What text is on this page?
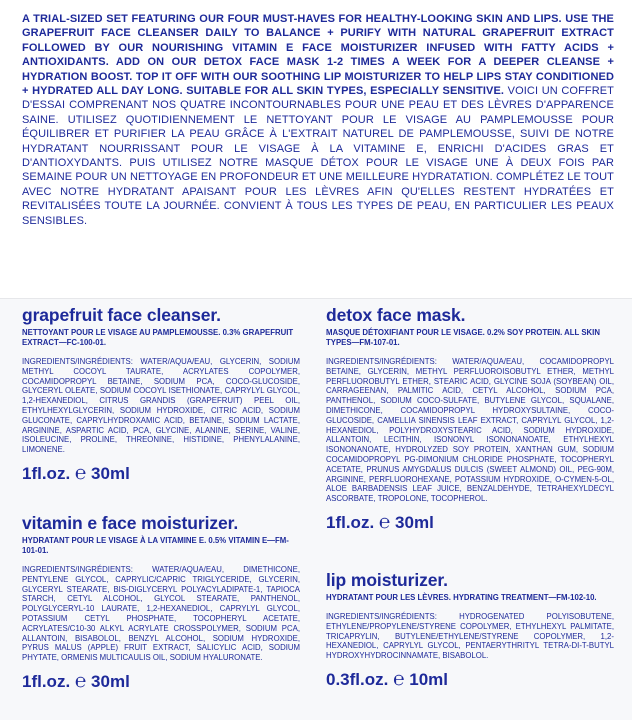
A TRIAL-SIZED SET FEATURING OUR FOUR MUST-HAVES FOR HEALTHY-LOOKING SKIN AND LIPS. USE THE GRAPEFRUIT FACE CLEANSER DAILY TO BALANCE + PURIFY WITH NATURAL GRAPEFRUIT EXTRACT FOLLOWED BY OUR NOURISHING VITAMIN E FACE MOISTURIZER INFUSED WITH FATTY ACIDS + ANTIOXIDANTS. ADD ON OUR DETOX FACE MASK 1-2 TIMES A WEEK FOR A DEEPER CLEANSE + HYDRATION BOOST. TOP IT OFF WITH OUR SOOTHING LIP MOISTURIZER TO HELP LIPS STAY CONDITIONED + HYDRATED ALL DAY LONG. SUITABLE FOR ALL SKIN TYPES, ESPECIALLY SENSITIVE. VOICI UN COFFRET D'ESSAI COMPRENANT NOS QUATRE INCONTOURNABLES POUR UNE PEAU ET DES LÈVRES D'APPARENCE SAINE. UTILISEZ QUOTIDIENNEMENT LE NETTOYANT POUR LE VISAGE AU PAMPLEMOUSSE POUR ÉQUILIBRER ET PURIFIER LA PEAU GRÂCE À L'EXTRAIT NATUREL DE PAMPLEMOUSSE, SUIVI DE NOTRE HYDRATANT NOURRISSANT POUR LE VISAGE À LA VITAMINE E, ENRICHI D'ACIDES GRAS ET D'ANTIOXYDANTS. PUIS UTILISEZ NOTRE MASQUE DÉTOX POUR LE VISAGE UNE À DEUX FOIS PAR SEMAINE POUR UN NETTOYAGE EN PROFONDEUR ET UNE MEILLEURE HYDRATATION. COMPLÉTEZ LE TOUT AVEC NOTRE HYDRATANT APAISANT POUR LES LÈVRES AFIN QU'ELLES RESTENT HYDRATÉES ET REVITALISÉES TOUTE LA JOURNÉE. CONVIENT À TOUS LES TYPES DE PEAU, EN PARTICULIER LES PEAUX SENSIBLES.
grapefruit face cleanser.
NETTOYANT POUR LE VISAGE AU PAMPLEMOUSSE. 0.3% GRAPEFRUIT EXTRACT—FC-100-01.
INGREDIENTS/INGRÉDIENTS: WATER/AQUA/EAU, GLYCERIN, SODIUM METHYL COCOYL TAURATE, ACRYLATES COPOLYMER, COCAMIDOPROPYL BETAINE, SODIUM PCA, COCO-GLUCOSIDE, GLYCERYL OLEATE, SODIUM COCOYL ISETHIONATE, CAPRYLYL GLYCOL, 1,2-HEXANEDIOL, CITRUS GRANDIS (GRAPEFRUIT) PEEL OIL, ETHYLHEXYLGLYCERIN, SODIUM HYDROXIDE, CITRIC ACID, SODIUM GLUCONATE, CAPRYLHYDROXAMIC ACID, BETAINE, SODIUM LACTATE, ARGININE, ASPARTIC ACID, PCA, GLYCINE, ALANINE, SERINE, VALINE, ISOLEUCINE, PROLINE, THREONINE, HISTIDINE, PHENYLALANINE, LIMONENE.
1fl.oz. ℮ 30ml
vitamin e face moisturizer.
HYDRATANT POUR LE VISAGE À LA VITAMINE E. 0.5% VITAMIN E—FM-101-01.
INGREDIENTS/INGRÉDIENTS: WATER/AQUA/EAU, DIMETHICONE, PENTYLENE GLYCOL, CAPRYLIC/CAPRIC TRIGLYCERIDE, GLYCERIN, GLYCERYL STEARATE, BIS-DIGLYCERYL POLYACYLADIPATE-1, TAPIOCA STARCH, CETYL ALCOHOL, GLYCOL STEARATE, PANTHENOL, POLYGLYCERYL-10 LAURATE, 1,2-HEXANEDIOL, CAPRYLYL GLYCOL, POTASSIUM CETYL PHOSPHATE, TOCOPHERYL ACETATE, ACRYLATES/C10-30 ALKYL ACRYLATE CROSSPOLYMER, SODIUM PCA, ALLANTOIN, BISABOLOL, BENZYL ALCOHOL, SODIUM HYDROXIDE, PYRUS MALUS (APPLE) FRUIT EXTRACT, SALICYLIC ACID, SODIUM PHYTATE, ORMENIS MULTICAULIS OIL, SODIUM HYALURONATE.
1fl.oz. ℮ 30ml
detox face mask.
MASQUE DÉTOXIFIANT POUR LE VISAGE. 0.2% SOY PROTEIN. ALL SKIN TYPES—FM-107-01.
INGREDIENTS/INGRÉDIENTS: WATER/AQUA/EAU, COCAMIDOPROPYL BETAINE, GLYCERIN, METHYL PERFLUOROISOBUTYL ETHER, METHYL PERFLUOROBUTYL ETHER, STEARIC ACID, GLYCINE SOJA (SOYBEAN) OIL, CARRAGEENAN, PALMITIC ACID, CETYL ALCOHOL, SODIUM PCA, PANTHENOL, SODIUM COCO-SULFATE, BUTYLENE GLYCOL, SQUALANE, DIMETHICONE, COCAMIDOPROPYL HYDROXYSULTAINE, COCO-GLUCOSIDE, CAMELLIA SINENSIS LEAF EXTRACT, CAPRYLYL GLYCOL, 1,2-HEXANEDIOL, POLYHYDROXYSTEARIC ACID, SODIUM HYDROXIDE, ALLANTOIN, LECITHIN, ISONONYL ISONONANOATE, ETHYLHEXYL ISONONANOATE, HYDROLYZED SOY PROTEIN, XANTHAN GUM, SODIUM COCAMIDOPROPYL PG-DIMONIUM CHLORIDE PHOSPHATE, TOCOPHERYL ACETATE, PRUNUS AMYGDALUS DULCIS (SWEET ALMOND) OIL, PEG-90M, ARGININE, PERFLUOROHEXANE, POTASSIUM HYDROXIDE, O-CYMEN-5-OL, ALOE BARBADENSIS LEAF JUICE, BENZALDEHYDE, TETRAHEXYLDECYL ASCORBATE, TROPOLONE, TOCOPHEROL.
1fl.oz. ℮ 30ml
lip moisturizer.
HYDRATANT POUR LES LÈVRES. HYDRATING TREATMENT—FM-102-10.
INGREDIENTS/INGRÉDIENTS: HYDROGENATED POLYISOBUTENE, ETHYLENE/PROPYLENE/STYRENE COPOLYMER, ETHYLHEXYL PALMITATE, TRICAPRYLIN, BUTYLENE/ETHYLENE/STYRENE COPOLYMER, 1,2-HEXANEDIOL, CAPRYLYL GLYCOL, PENTAERYTHRITYL TETRA-DI-T-BUTYL HYDROXYHYDROCINNAMATE, BISABOLOL.
0.3fl.oz. ℮ 10ml
